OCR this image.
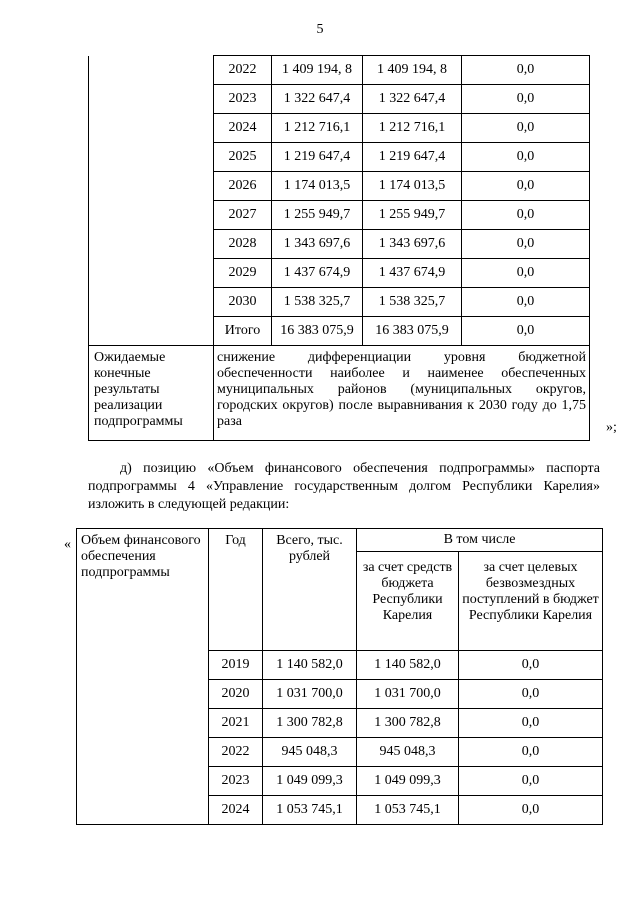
5
	2022	1 409 194, 8	1 409 194, 8	0,0
	2023	1 322 647,4	1 322 647,4	0,0
	2024	1 212 716,1	1 212 716,1	0,0
	2025	1 219 647,4	1 219 647,4	0,0
	2026	1 174 013,5	1 174 013,5	0,0
	2027	1 255 949,7	1 255 949,7	0,0
	2028	1 343 697,6	1 343 697,6	0,0
	2029	1 437 674,9	1 437 674,9	0,0
	2030	1 538 325,7	1 538 325,7	0,0
	Итого	16 383 075,9	16 383 075,9	0,0
Ожидаемые конечные результаты реализации подпрограммы	снижение дифференциации уровня бюджетной обеспеченности наиболее и наименее обеспеченных муниципальных районов (муниципальных округов, городских округов) после выравнивания к 2030 году до 1,75 раза				»;
д) позицию «Объем финансового обеспечения подпрограммы» паспорта подпрограммы 4 «Управление государственным долгом Республики Карелия» изложить в следующей редакции:
« Объем финансового обеспечения подпрограммы	Год	Всего, тыс. рублей	В том числе	
			за счет средств бюджета Республики Карелия	за счет целевых безвозмездных поступлений в бюджет Республики Карелия
	2019	1 140 582,0	1 140 582,0	0,0
	2020	1 031 700,0	1 031 700,0	0,0
	2021	1 300 782,8	1 300 782,8	0,0
	2022	945 048,3	945 048,3	0,0
	2023	1 049 099,3	1 049 099,3	0,0
	2024	1 053 745,1	1 053 745,1	0,0
